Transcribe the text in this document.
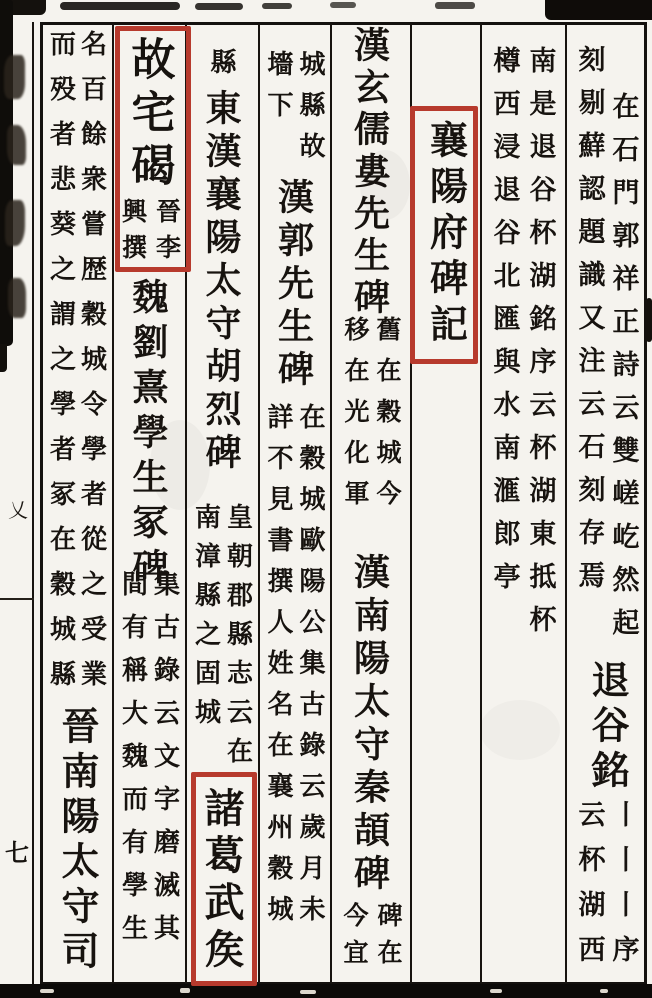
乂
七
在石門郭祥正詩云雙嵯屹然起
刻剔蘚認題識又注云石刻存焉
退谷銘
丨丨丨序
云杯湖西
南是退谷杯湖銘序云杯湖東抵杯
樽西浸退谷北匯與水南滙郎亭
襄陽府碑記
漢玄儒婁先生碑
舊在穀城今
移在光化軍
漢南陽太守秦頡碑
碑在
今宜
城縣故
墻下
漢郭先生碑
在穀城歐陽公集古錄云歲月未
詳不見書撰人姓名在襄州穀城
縣
東漢襄陽太守胡烈碑
皇朝郡縣志云在
南漳縣之固城
諸葛武矦
故宅碣
晉李
興撰
魏劉熹學生冢碑
集古錄云文字磨滅其
間有稱大魏而有學生
名百餘衆嘗歴穀城令學者從之受業
而殁者悲葵之謂之學者冢在穀城縣
晉南陽太守司
